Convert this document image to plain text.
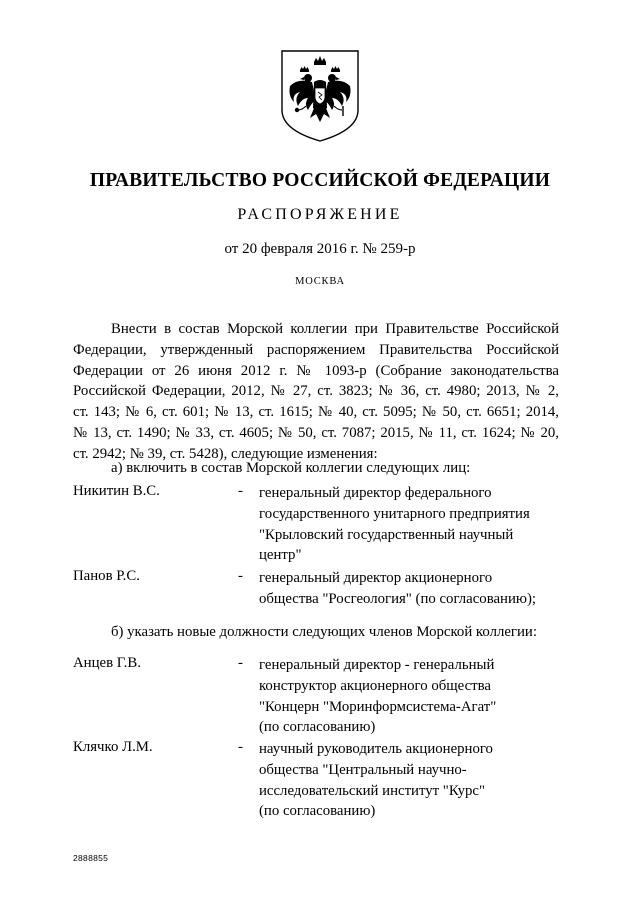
ПРАВИТЕЛЬСТВО РОССИЙСКОЙ ФЕДЕРАЦИИ
РАСПОРЯЖЕНИЕ
от 20 февраля 2016 г. № 259-р
МОСКВА
Внести в состав Морской коллегии при Правительстве Российской
Федерации, утвержденный распоряжением Правительства Российской
Федерации от 26 июня 2012 г. № 1093-р (Собрание законодательства
Российской Федерации, 2012, № 27, ст. 3823; № 36, ст. 4980; 2013, № 2,
ст. 143; № 6, ст. 601; № 13, ст. 1615; № 40, ст. 5095; № 50, ст. 6651; 2014,
№ 13, ст. 1490; № 33, ст. 4605; № 50, ст. 7087; 2015, № 11, ст. 1624; № 20,
ст. 2942; № 39, ст. 5428), следующие изменения:
а) включить в состав Морской коллегии следующих лиц:
Никитин В.С.	- генеральный директор федерального
государственного унитарного предприятия
"Крыловский государственный научный
центр"
Панов Р.С.	- генеральный директор акционерного
общества "Росгеология" (по согласованию);
б) указать новые должности следующих членов Морской коллегии:
Анцев Г.В.	- генеральный директор - генеральный
конструктор акционерного общества
"Концерн "Моринформсистема-Агат"
(по согласованию)
Клячко Л.М.	- научный руководитель акционерного
общества "Центральный научно-
исследовательский институт "Курс"
(по согласованию)
2888855
